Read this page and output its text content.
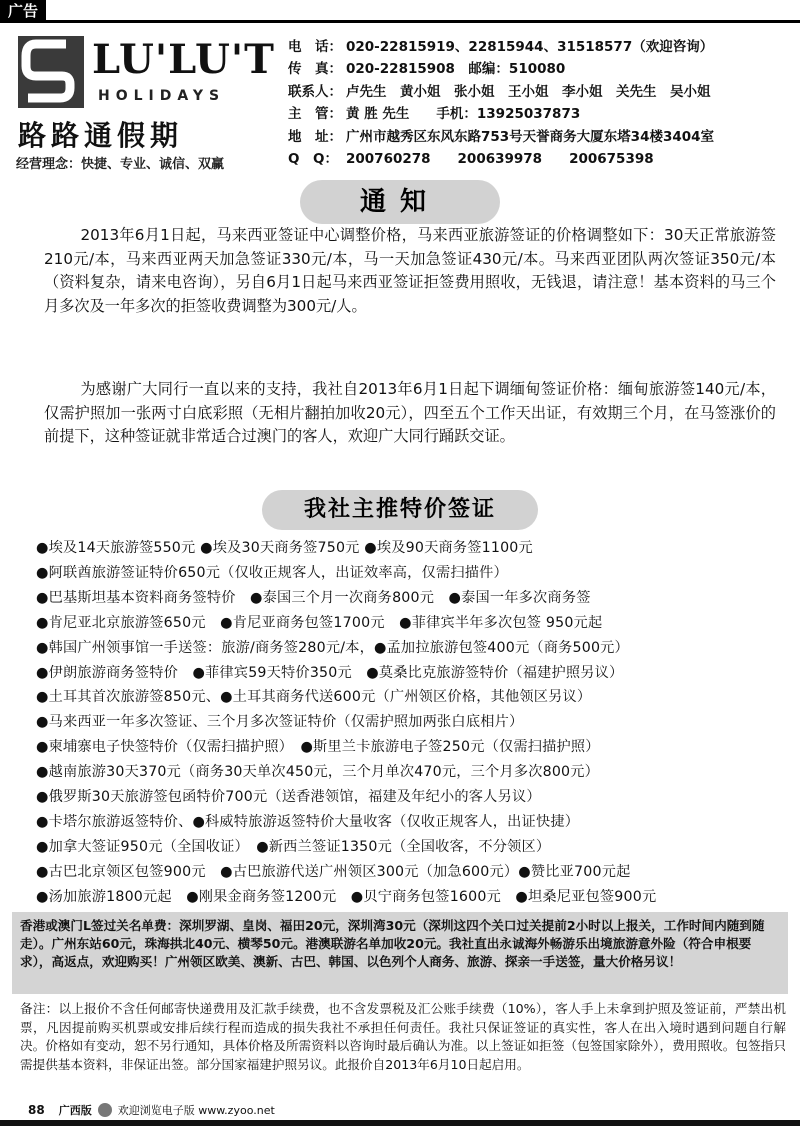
广告
LU'LU'T
HOLIDAYS
路路通假期
经营理念：快捷、专业、诚信、双赢
电　话： 020-22815919、22815944、31518577（欢迎咨询）
传　真： 020-22815908　邮编：510080
联系人： 卢先生　黄小姐　张小姐　王小姐　李小姐　关先生　吴小姐
主　管： 黄 胜 先生　　手机：13925037873
地　址： 广州市越秀区东风东路753号天誉商务大厦东塔34楼3404室
Q　Q： 200760278　　200639978　　200675398
通知

2013年6月1日起，马来西亚签证中心调整价格，马来西亚旅游签证的价格调整如下：30天正常旅游签210元/本，马来西亚两天加急签证330元/本，马一天加急签证430元/本。马来西亚团队两次签证350元/本（资料复杂，请来电咨询），另自6月1日起马来西亚签证拒签费用照收，无钱退，请注意！基本资料的马三个月多次及一年多次的拒签收费调整为300元/人。

为感谢广大同行一直以来的支持，我社自2013年6月1日起下调缅甸签证价格：缅甸旅游签140元/本，仅需护照加一张两寸白底彩照（无相片翻拍加收20元），四至五个工作天出证，有效期三个月，在马签涨价的前提下，这种签证就非常适合过澳门的客人，欢迎广大同行踊跃交证。

我社主推特价签证
●埃及14天旅游签550元 ●埃及30天商务签750元 ●埃及90天商务签1100元
●阿联酋旅游签证特价650元（仅收正规客人，出证效率高，仅需扫描件）
●巴基斯坦基本资料商务签特价　●泰国三个月一次商务800元　●泰国一年多次商务签
●肯尼亚北京旅游签650元　●肯尼亚商务包签1700元　●菲律宾半年多次包签 950元起
●韩国广州领事馆一手送签：旅游/商务签280元/本，●孟加拉旅游包签400元（商务500元）
●伊朗旅游商务签特价　●菲律宾59天特价350元　●莫桑比克旅游签特价（福建护照另议）
●土耳其首次旅游签850元、●土耳其商务代送600元（广州领区价格，其他领区另议）
●马来西亚一年多次签证、三个月多次签证特价（仅需护照加两张白底相片）
●柬埔寨电子快签特价（仅需扫描护照）　●斯里兰卡旅游电子签250元（仅需扫描护照）
●越南旅游30天370元（商务30天单次450元，三个月单次470元，三个月多次800元）
●俄罗斯30天旅游签包函特价700元（送香港领馆，福建及年纪小的客人另议）
●卡塔尔旅游返签特价、●科威特旅游返签特价大量收客（仅收正规客人，出证快捷）
●加拿大签证950元（全国收证）　●新西兰签证1350元（全国收客，不分领区）
●古巴北京领区包签900元　●古巴旅游代送广州领区300元（加急600元）●赞比亚700元起
●汤加旅游1800元起　●刚果金商务签1200元　●贝宁商务包签1600元　●坦桑尼亚包签900元
香港或澳门L签过关名单费：深圳罗湖、皇岗、福田20元，深圳湾30元（深圳这四个关口过关提前2小时以上报关，工作时间内随到随走）。广州东站60元，珠海拱北40元、横琴50元。港澳联游名单加收20元。我社直出永诚海外畅游乐出境旅游意外险（符合申根要求），高返点，欢迎购买！广州领区欧美、澳新、古巴、韩国、以色列个人商务、旅游、探亲一手送签，量大价格另议！

备注：以上报价不含任何邮寄快递费用及汇款手续费，也不含发票税及汇公账手续费（10%），客人手上未拿到护照及签证前，严禁出机票，凡因提前购买机票或安排后续行程而造成的损失我社不承担任何责任。我社只保证签证的真实性，客人在出入境时遇到问题自行解决。价格如有变动，恕不另行通知，具体价格及所需资料以咨询时最后确认为准。以上签证如拒签（包签国家除外），费用照收。包签指只需提供基本资料，非保证出签。部分国家福建护照另议。此报价自2013年6月10日起启用。

88 广西版 欢迎浏览电子版 www.zyoo.net
